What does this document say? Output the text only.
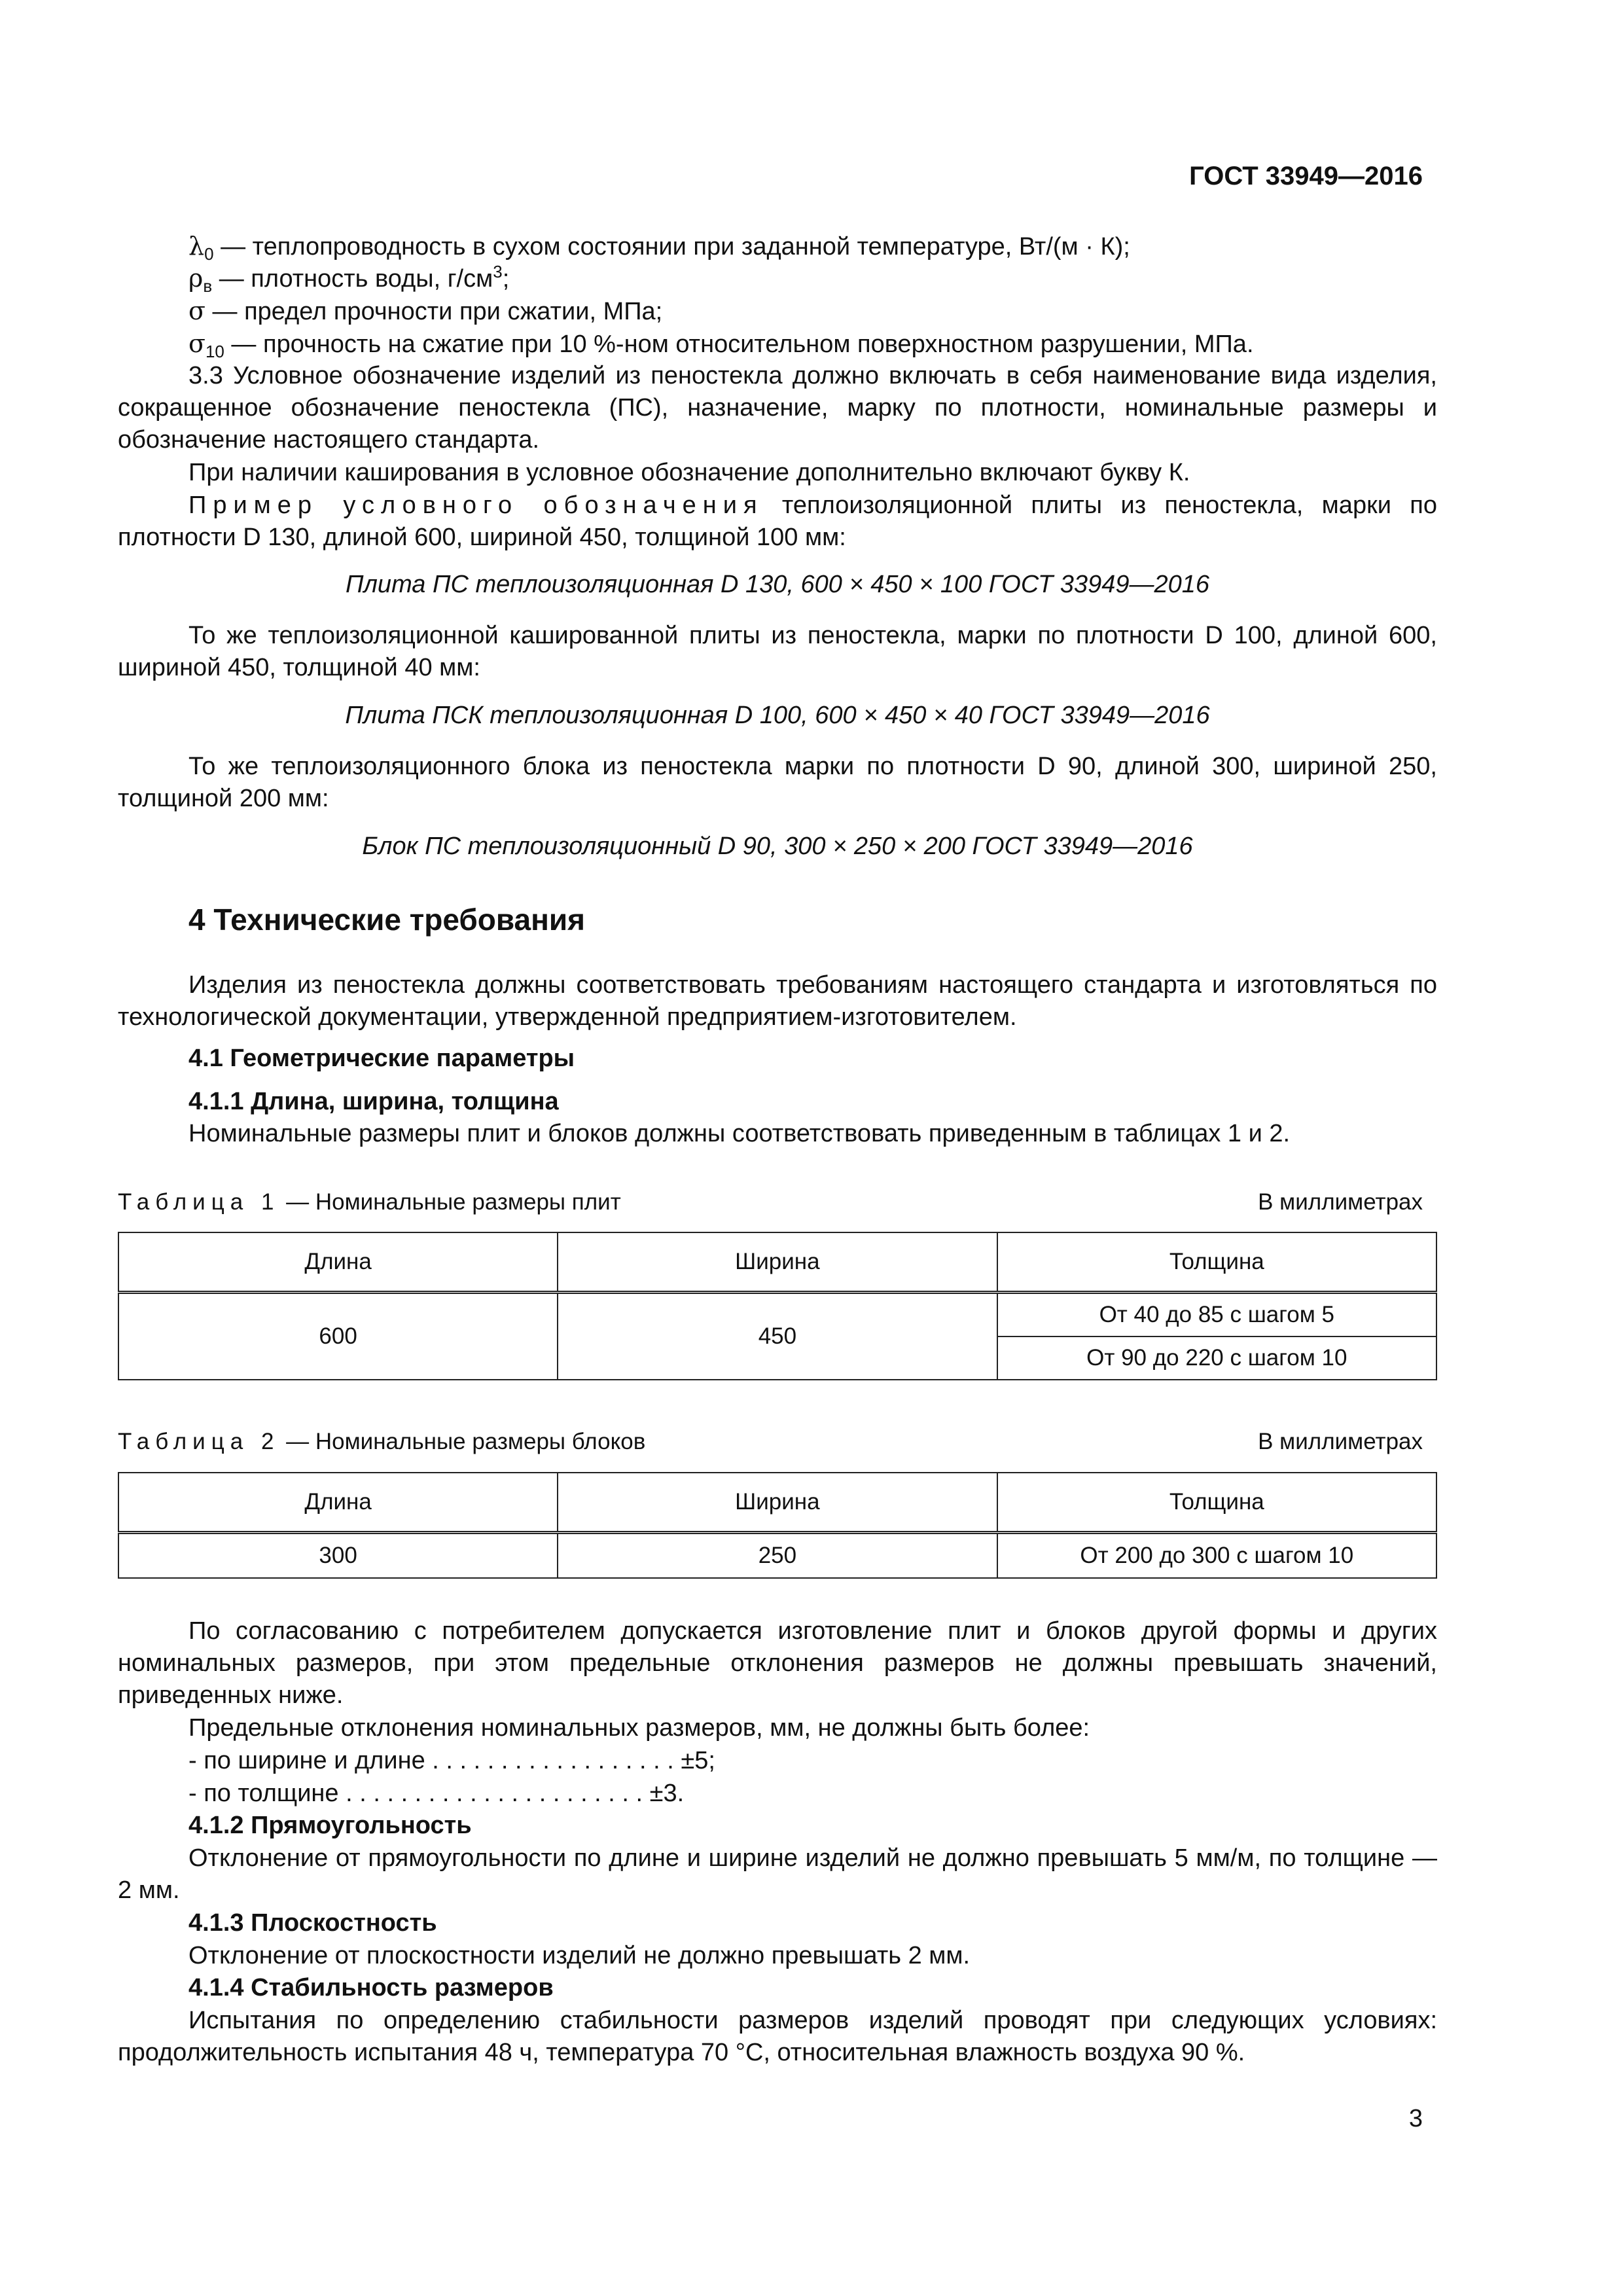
ГОСТ 33949—2016
$\lambda_0$ — теплопроводность в сухом состоянии при заданной температуре, Вт/(м · К);
$\rho_в$ — плотность воды, $г/см^3$;
σ — предел прочности при сжатии, МПа;
$\sigma_{10}$ — прочность на сжатие при 10 %-ном относительном поверхностном разрушении, МПа.
3.3 Условное обозначение изделий из пеностекла должно включать в себя наименование вида изделия, сокращенное обозначение пеностекла (ПС), назначение, марку по плотности, номинальные размеры и обозначение настоящего стандарта.
При наличии каширования в условное обозначение дополнительно включают букву К.
Пример условного обозначения теплоизоляционной плиты из пеностекла, марки по плотности D 130, длиной 600, шириной 450, толщиной 100 мм:
Плита ПС теплоизоляционная D 130, 600 × 450 × 100 ГОСТ 33949—2016
То же теплоизоляционной кашированной плиты из пеностекла, марки по плотности D 100, длиной 600, шириной 450, толщиной 40 мм:
Плита ПСК теплоизоляционная D 100, 600 × 450 × 40 ГОСТ 33949—2016
То же теплоизоляционного блока из пеностекла марки по плотности D 90, длиной 300, шириной 250, толщиной 200 мм:
Блок ПС теплоизоляционный D 90, 300 × 250 × 200 ГОСТ 33949—2016
4 Технические требования
Изделия из пеностекла должны соответствовать требованиям настоящего стандарта и изготовляться по технологической документации, утвержденной предприятием-изготовителем.
4.1 Геометрические параметры
4.1.1 Длина, ширина, толщина
Номинальные размеры плит и блоков должны соответствовать приведенным в таблицах 1 и 2.
Таблица 1 — Номинальные размеры плит	В миллиметрах
Длина	Ширина	Толщина
600	450	От 40 до 85 с шагом 5
		От 90 до 220 с шагом 10
Таблица 2 — Номинальные размеры блоков	В миллиметрах
Длина	Ширина	Толщина
300	250	От 200 до 300 с шагом 10
По согласованию с потребителем допускается изготовление плит и блоков другой формы и других номинальных размеров, при этом предельные отклонения размеров не должны превышать значений, приведенных ниже.
Предельные отклонения номинальных размеров, мм, не должны быть более:
- по ширине и длине . . . . . . . . . . . . . . . . . . ±5;
- по толщине . . . . . . . . . . . . . . . . . . . . . . ±3.
4.1.2 Прямоугольность
Отклонение от прямоугольности по длине и ширине изделий не должно превышать 5 мм/м, по толщине — 2 мм.
4.1.3 Плоскостность
Отклонение от плоскостности изделий не должно превышать 2 мм.
4.1.4 Стабильность размеров
Испытания по определению стабильности размеров изделий проводят при следующих условиях: продолжительность испытания 48 ч, температура 70 °С, относительная влажность воздуха 90 %.
3
